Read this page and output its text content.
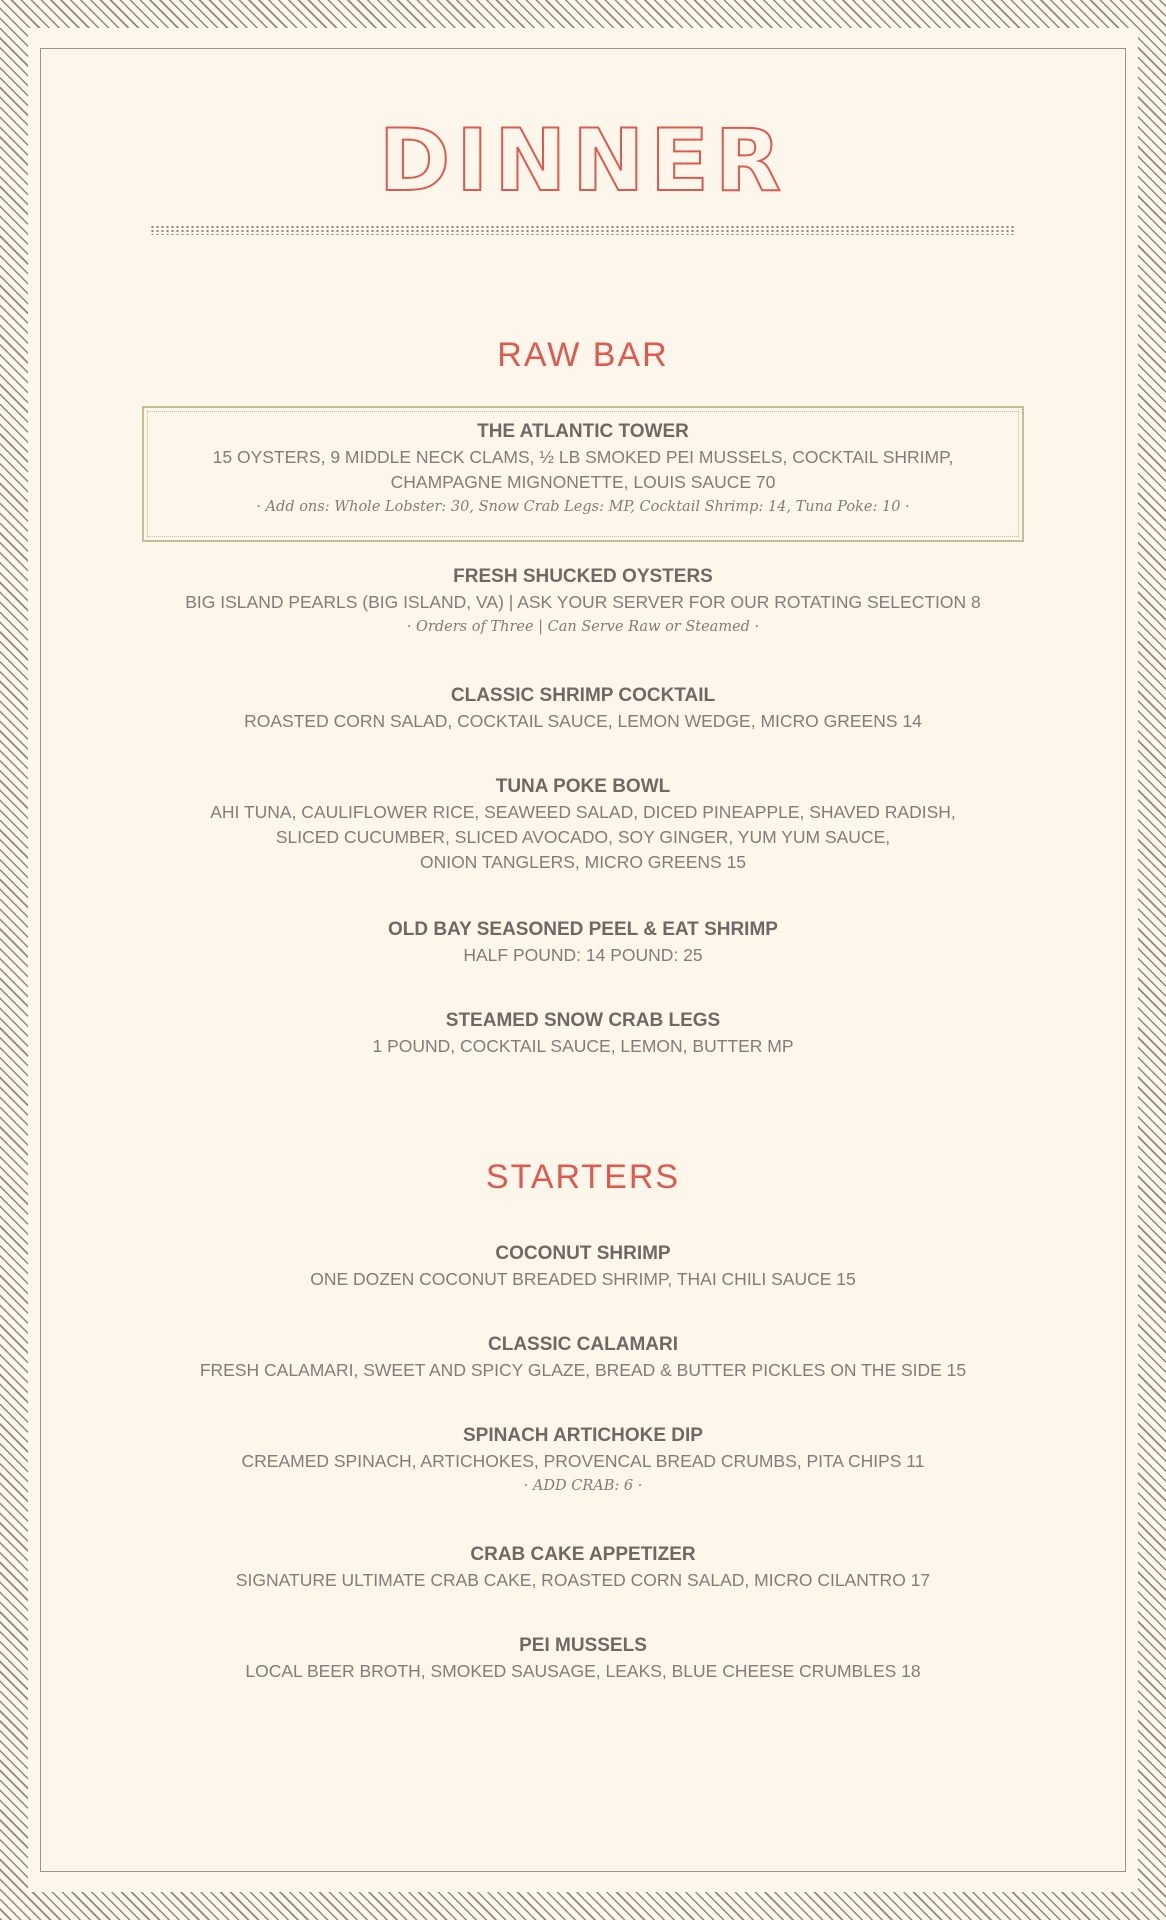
DINNER
RAW BAR
THE ATLANTIC TOWER
15 OYSTERS, 9 MIDDLE NECK CLAMS, ½ LB SMOKED PEI MUSSELS, COCKTAIL SHRIMP,
CHAMPAGNE MIGNONETTE, LOUIS SAUCE 70
· Add ons: Whole Lobster: 30, Snow Crab Legs: MP, Cocktail Shrimp: 14, Tuna Poke: 10 ·
FRESH SHUCKED OYSTERS
BIG ISLAND PEARLS (BIG ISLAND, VA) | ASK YOUR SERVER FOR OUR ROTATING SELECTION 8
· Orders of Three | Can Serve Raw or Steamed ·
CLASSIC SHRIMP COCKTAIL
ROASTED CORN SALAD, COCKTAIL SAUCE, LEMON WEDGE, MICRO GREENS 14
TUNA POKE BOWL
AHI TUNA, CAULIFLOWER RICE, SEAWEED SALAD, DICED PINEAPPLE, SHAVED RADISH,
SLICED CUCUMBER, SLICED AVOCADO, SOY GINGER, YUM YUM SAUCE,
ONION TANGLERS, MICRO GREENS 15
OLD BAY SEASONED PEEL & EAT SHRIMP
HALF POUND: 14 POUND: 25
STEAMED SNOW CRAB LEGS
1 POUND, COCKTAIL SAUCE, LEMON, BUTTER MP
STARTERS
COCONUT SHRIMP
ONE DOZEN COCONUT BREADED SHRIMP, THAI CHILI SAUCE 15
CLASSIC CALAMARI
FRESH CALAMARI, SWEET AND SPICY GLAZE, BREAD & BUTTER PICKLES ON THE SIDE 15
SPINACH ARTICHOKE DIP
CREAMED SPINACH, ARTICHOKES, PROVENCAL BREAD CRUMBS, PITA CHIPS 11
· ADD CRAB: 6 ·
CRAB CAKE APPETIZER
SIGNATURE ULTIMATE CRAB CAKE, ROASTED CORN SALAD, MICRO CILANTRO 17
PEI MUSSELS
LOCAL BEER BROTH, SMOKED SAUSAGE, LEAKS, BLUE CHEESE CRUMBLES 18
